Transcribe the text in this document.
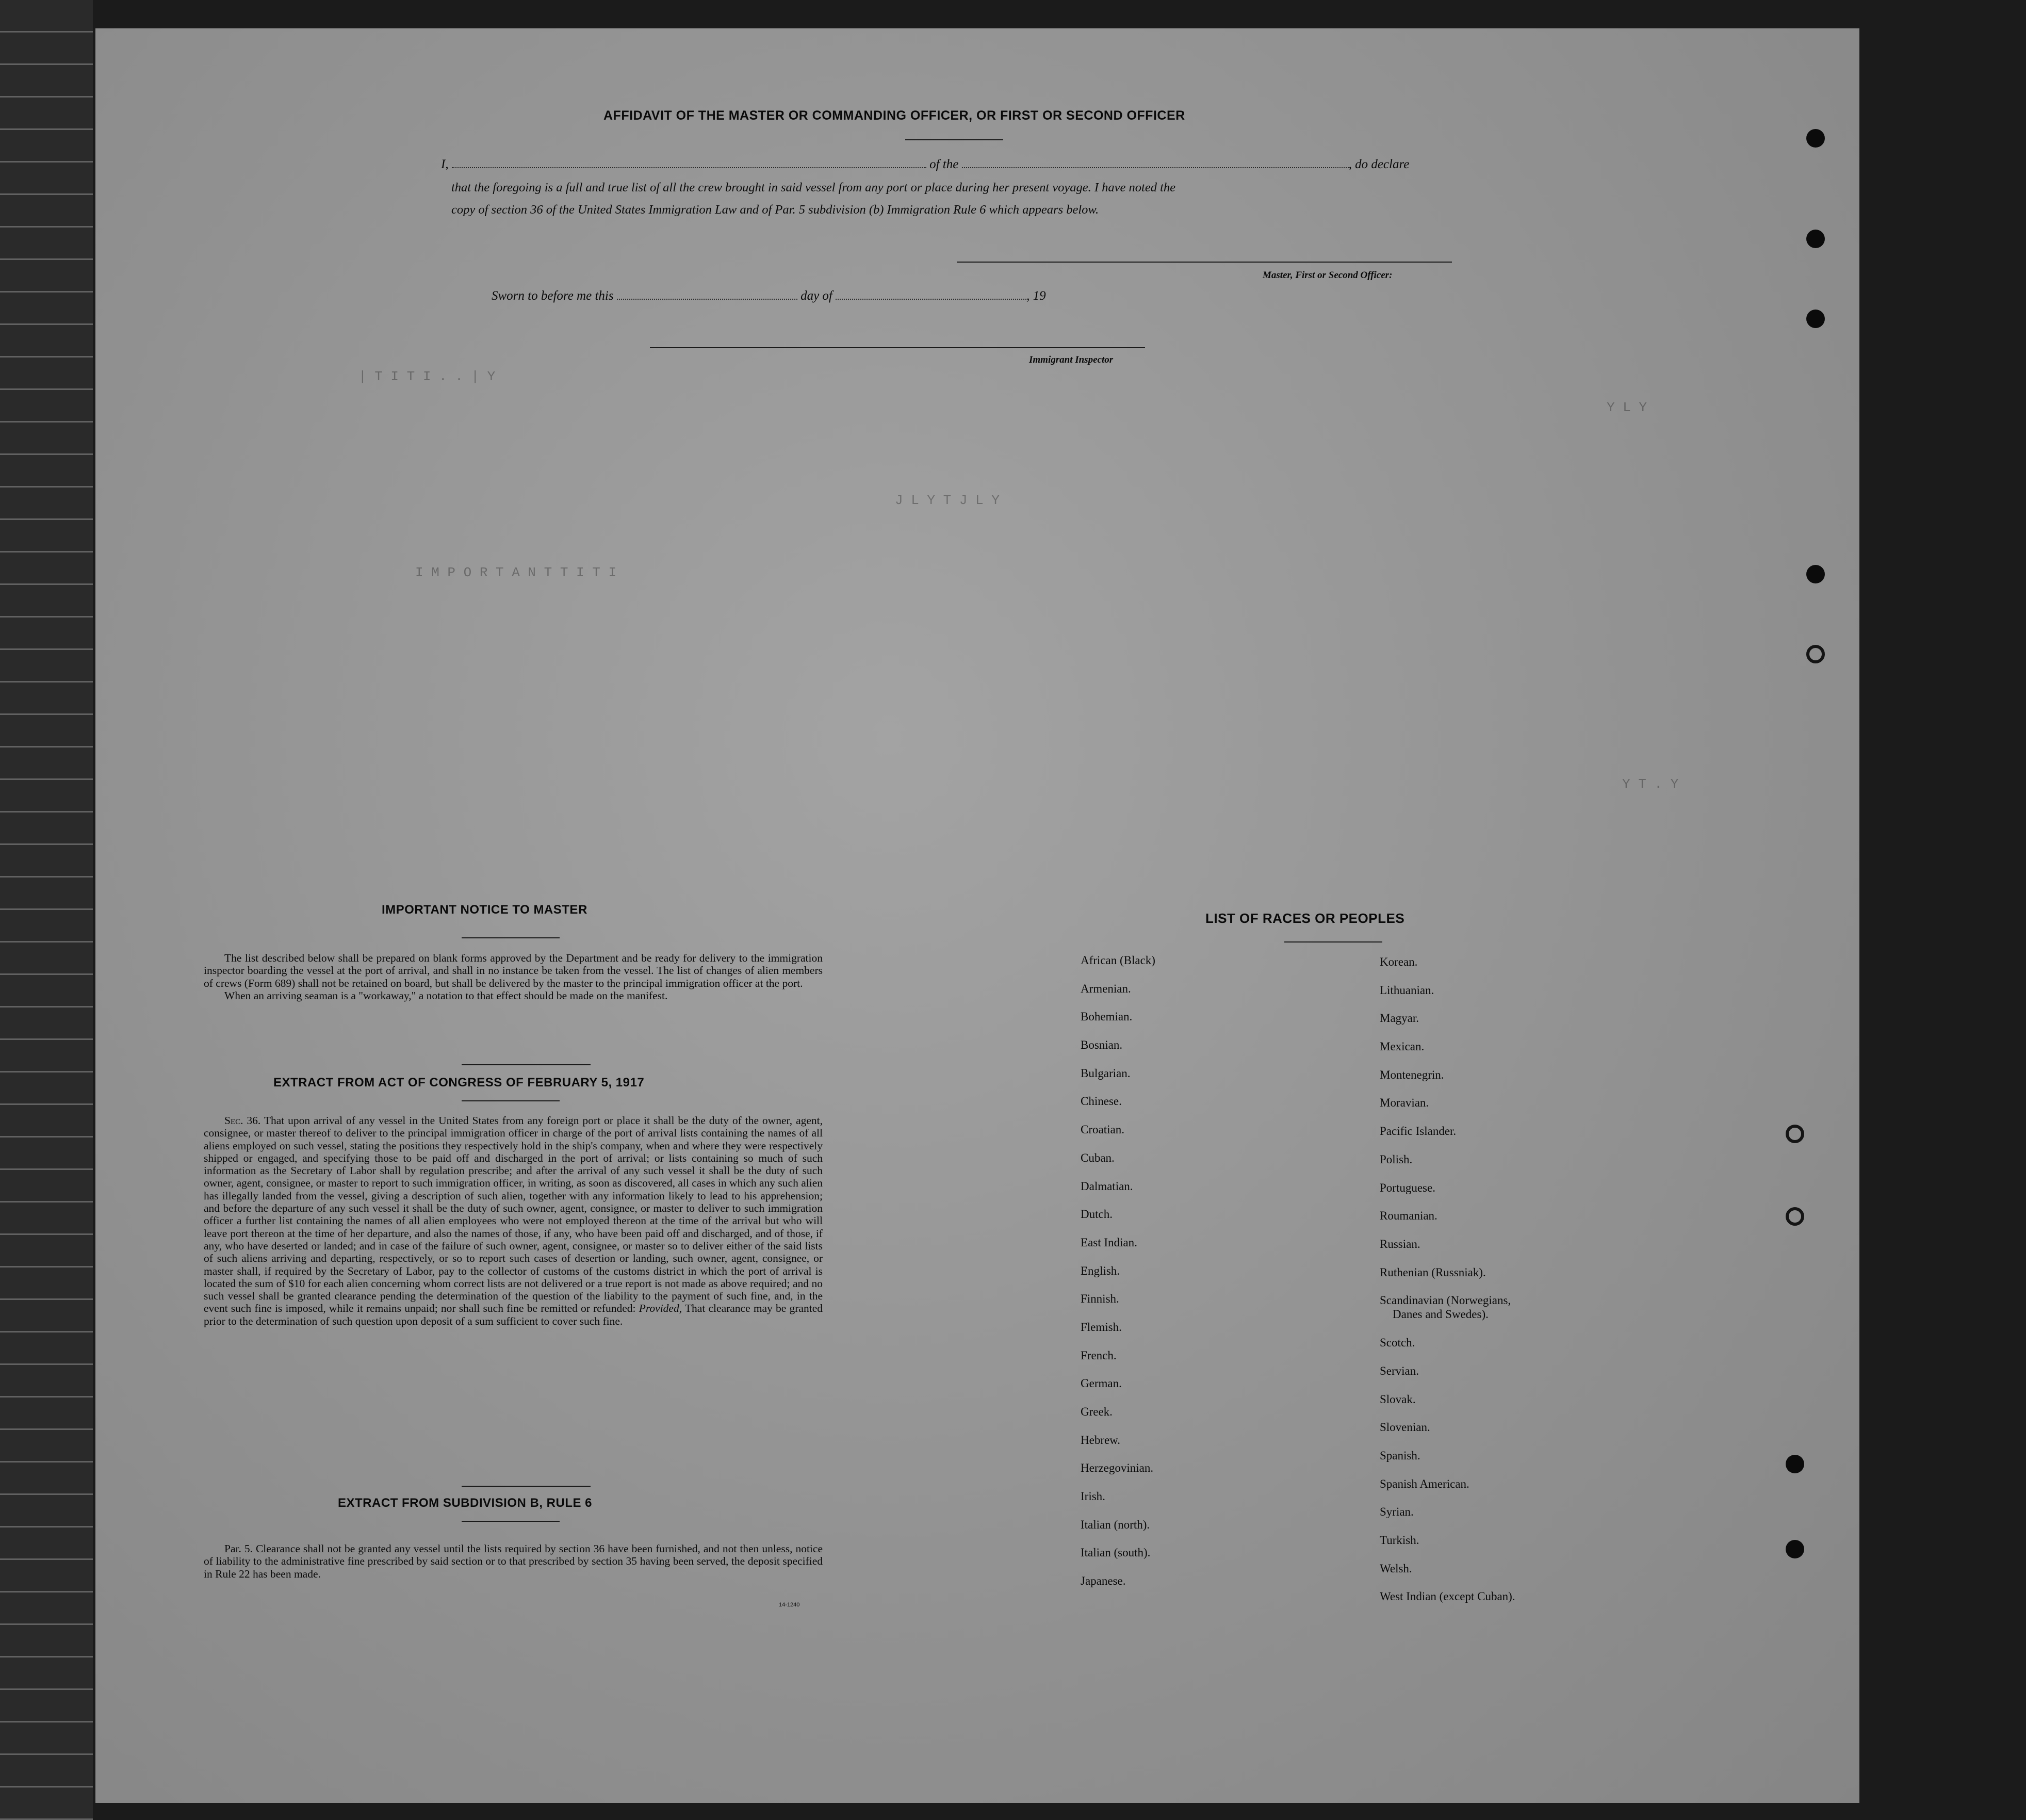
| T I T I . . | Y
I M P O R T A N T T I T I
J L Y T J L Y
Y L Y
Y T . Y
AFFIDAVIT OF THE MASTER OR COMMANDING OFFICER, OR FIRST OR SECOND OFFICER
I,	of the	, do declare
that the foregoing is a full and true list of all the crew brought in said vessel from any port or place during her present voyage. I have noted the
copy of section 36 of the United States Immigration Law and of Par. 5 subdivision (b) Immigration Rule 6 which appears below.
Master, First or Second Officer:
Sworn to before me this	day of	, 19
Immigrant Inspector
IMPORTANT NOTICE TO MASTER

The list described below shall be prepared on blank forms approved by the Department and be ready for delivery to the immigration inspector boarding the vessel at the port of arrival, and shall in no instance be taken from the vessel. The list of changes of alien members of crews (Form 689) shall not be retained on board, but shall be delivered by the master to the principal immigration officer at the port.

When an arriving seaman is a "workaway," a notation to that effect should be made on the manifest.

EXTRACT FROM ACT OF CONGRESS OF FEBRUARY 5, 1917

Sec. 36. That upon arrival of any vessel in the United States from any foreign port or place it shall be the duty of the owner, agent, consignee, or master thereof to deliver to the principal immigration officer in charge of the port of arrival lists containing the names of all aliens employed on such vessel, stating the positions they respectively hold in the ship's company, when and where they were respectively shipped or engaged, and specifying those to be paid off and discharged in the port of arrival; or lists containing so much of such information as the Secretary of Labor shall by regulation prescribe; and after the arrival of any such vessel it shall be the duty of such owner, agent, consignee, or master to report to such immigration officer, in writing, as soon as discovered, all cases in which any such alien has illegally landed from the vessel, giving a description of such alien, together with any information likely to lead to his apprehension; and before the departure of any such vessel it shall be the duty of such owner, agent, consignee, or master to deliver to such immigration officer a further list containing the names of all alien employees who were not employed thereon at the time of the arrival but who will leave port thereon at the time of her departure, and also the names of those, if any, who have been paid off and discharged, and of those, if any, who have deserted or landed; and in case of the failure of such owner, agent, consignee, or master so to deliver either of the said lists of such aliens arriving and departing, respectively, or so to report such cases of desertion or landing, such owner, agent, consignee, or master shall, if required by the Secretary of Labor, pay to the collector of customs of the customs district in which the port of arrival is located the sum of $10 for each alien concerning whom correct lists are not delivered or a true report is not made as above required; and no such vessel shall be granted clearance pending the determination of the question of the liability to the payment of such fine, and, in the event such fine is imposed, while it remains unpaid; nor shall such fine be remitted or refunded: Provided, That clearance may be granted prior to the determination of such question upon deposit of a sum sufficient to cover such fine.

EXTRACT FROM SUBDIVISION B, RULE 6

Par. 5. Clearance shall not be granted any vessel until the lists required by section 36 have been furnished, and not then unless, notice of liability to the administrative fine prescribed by said section or to that prescribed by section 35 having been served, the deposit specified in Rule 22 has been made.

14-1240
LIST OF RACES OR PEOPLES
African (Black)
Armenian.
Bohemian.
Bosnian.
Bulgarian.
Chinese.
Croatian.
Cuban.
Dalmatian.
Dutch.
East Indian.
English.
Finnish.
Flemish.
French.
German.
Greek.
Hebrew.
Herzegovinian.
Irish.
Italian (north).
Italian (south).
Japanese.
Korean.
Lithuanian.
Magyar.
Mexican.
Montenegrin.
Moravian.
Pacific Islander.
Polish.
Portuguese.
Roumanian.
Russian.
Ruthenian (Russniak).
Scandinavian (Norwegians,
Danes and Swedes).
Scotch.
Servian.
Slovak.
Slovenian.
Spanish.
Spanish American.
Syrian.
Turkish.
Welsh.
West Indian (except Cuban).
